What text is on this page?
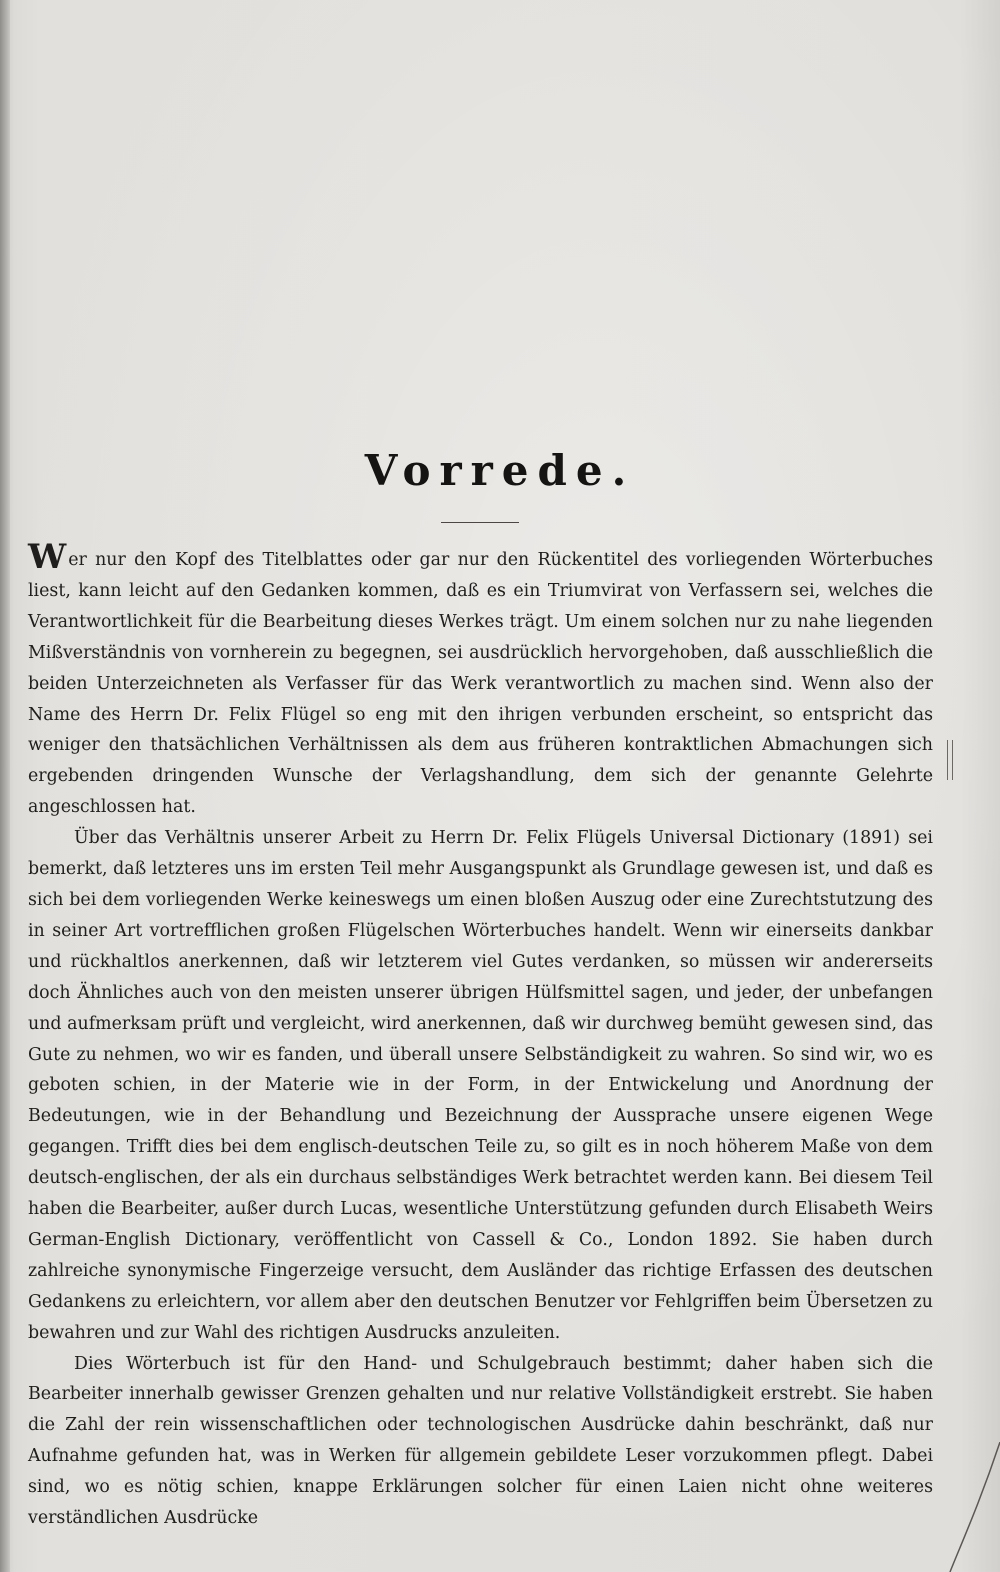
Vorrede.

Wer nur den Kopf des Titelblattes oder gar nur den Rückentitel des vorliegenden Wörterbuches liest, kann leicht auf den Gedanken kommen, daß es ein Triumvirat von Verfassern sei, welches die Verantwortlichkeit für die Bearbeitung dieses Werkes trägt. Um einem solchen nur zu nahe liegenden Mißverständnis von vornherein zu begegnen, sei ausdrücklich hervorgehoben, daß ausschließlich die beiden Unterzeichneten als Verfasser für das Werk verantwortlich zu machen sind. Wenn also der Name des Herrn Dr. Felix Flügel so eng mit den ihrigen verbunden erscheint, so entspricht das weniger den thatsächlichen Verhältnissen als dem aus früheren kontraktlichen Abmachungen sich ergebenden dringenden Wunsche der Verlagshandlung, dem sich der genannte Gelehrte angeschlossen hat.

Über das Verhältnis unserer Arbeit zu Herrn Dr. Felix Flügels Universal Dictionary (1891) sei bemerkt, daß letzteres uns im ersten Teil mehr Ausgangspunkt als Grundlage gewesen ist, und daß es sich bei dem vorliegenden Werke keineswegs um einen bloßen Auszug oder eine Zurechtstutzung des in seiner Art vortrefflichen großen Flügelschen Wörterbuches handelt. Wenn wir einerseits dankbar und rückhaltlos anerkennen, daß wir letzterem viel Gutes verdanken, so müssen wir andererseits doch Ähnliches auch von den meisten unserer übrigen Hülfsmittel sagen, und jeder, der unbefangen und aufmerksam prüft und vergleicht, wird anerkennen, daß wir durchweg bemüht gewesen sind, das Gute zu nehmen, wo wir es fanden, und überall unsere Selbständigkeit zu wahren. So sind wir, wo es geboten schien, in der Materie wie in der Form, in der Entwickelung und Anordnung der Bedeutungen, wie in der Behandlung und Bezeichnung der Aussprache unsere eigenen Wege gegangen. Trifft dies bei dem englisch-deutschen Teile zu, so gilt es in noch höherem Maße von dem deutsch-englischen, der als ein durchaus selbständiges Werk betrachtet werden kann. Bei diesem Teil haben die Bearbeiter, außer durch Lucas, wesentliche Unterstützung gefunden durch Elisabeth Weirs German-English Dictionary, veröffentlicht von Cassell & Co., London 1892. Sie haben durch zahlreiche synonymische Fingerzeige versucht, dem Ausländer das richtige Erfassen des deutschen Gedankens zu erleichtern, vor allem aber den deutschen Benutzer vor Fehlgriffen beim Übersetzen zu bewahren und zur Wahl des richtigen Ausdrucks anzuleiten.

Dies Wörterbuch ist für den Hand- und Schulgebrauch bestimmt; daher haben sich die Bearbeiter innerhalb gewisser Grenzen gehalten und nur relative Vollständigkeit erstrebt. Sie haben die Zahl der rein wissenschaftlichen oder technologischen Ausdrücke dahin beschränkt, daß nur Aufnahme gefunden hat, was in Werken für allgemein gebildete Leser vorzukommen pflegt. Dabei sind, wo es nötig schien, knappe Erklärungen solcher für einen Laien nicht ohne weiteres verständlichen Ausdrücke
